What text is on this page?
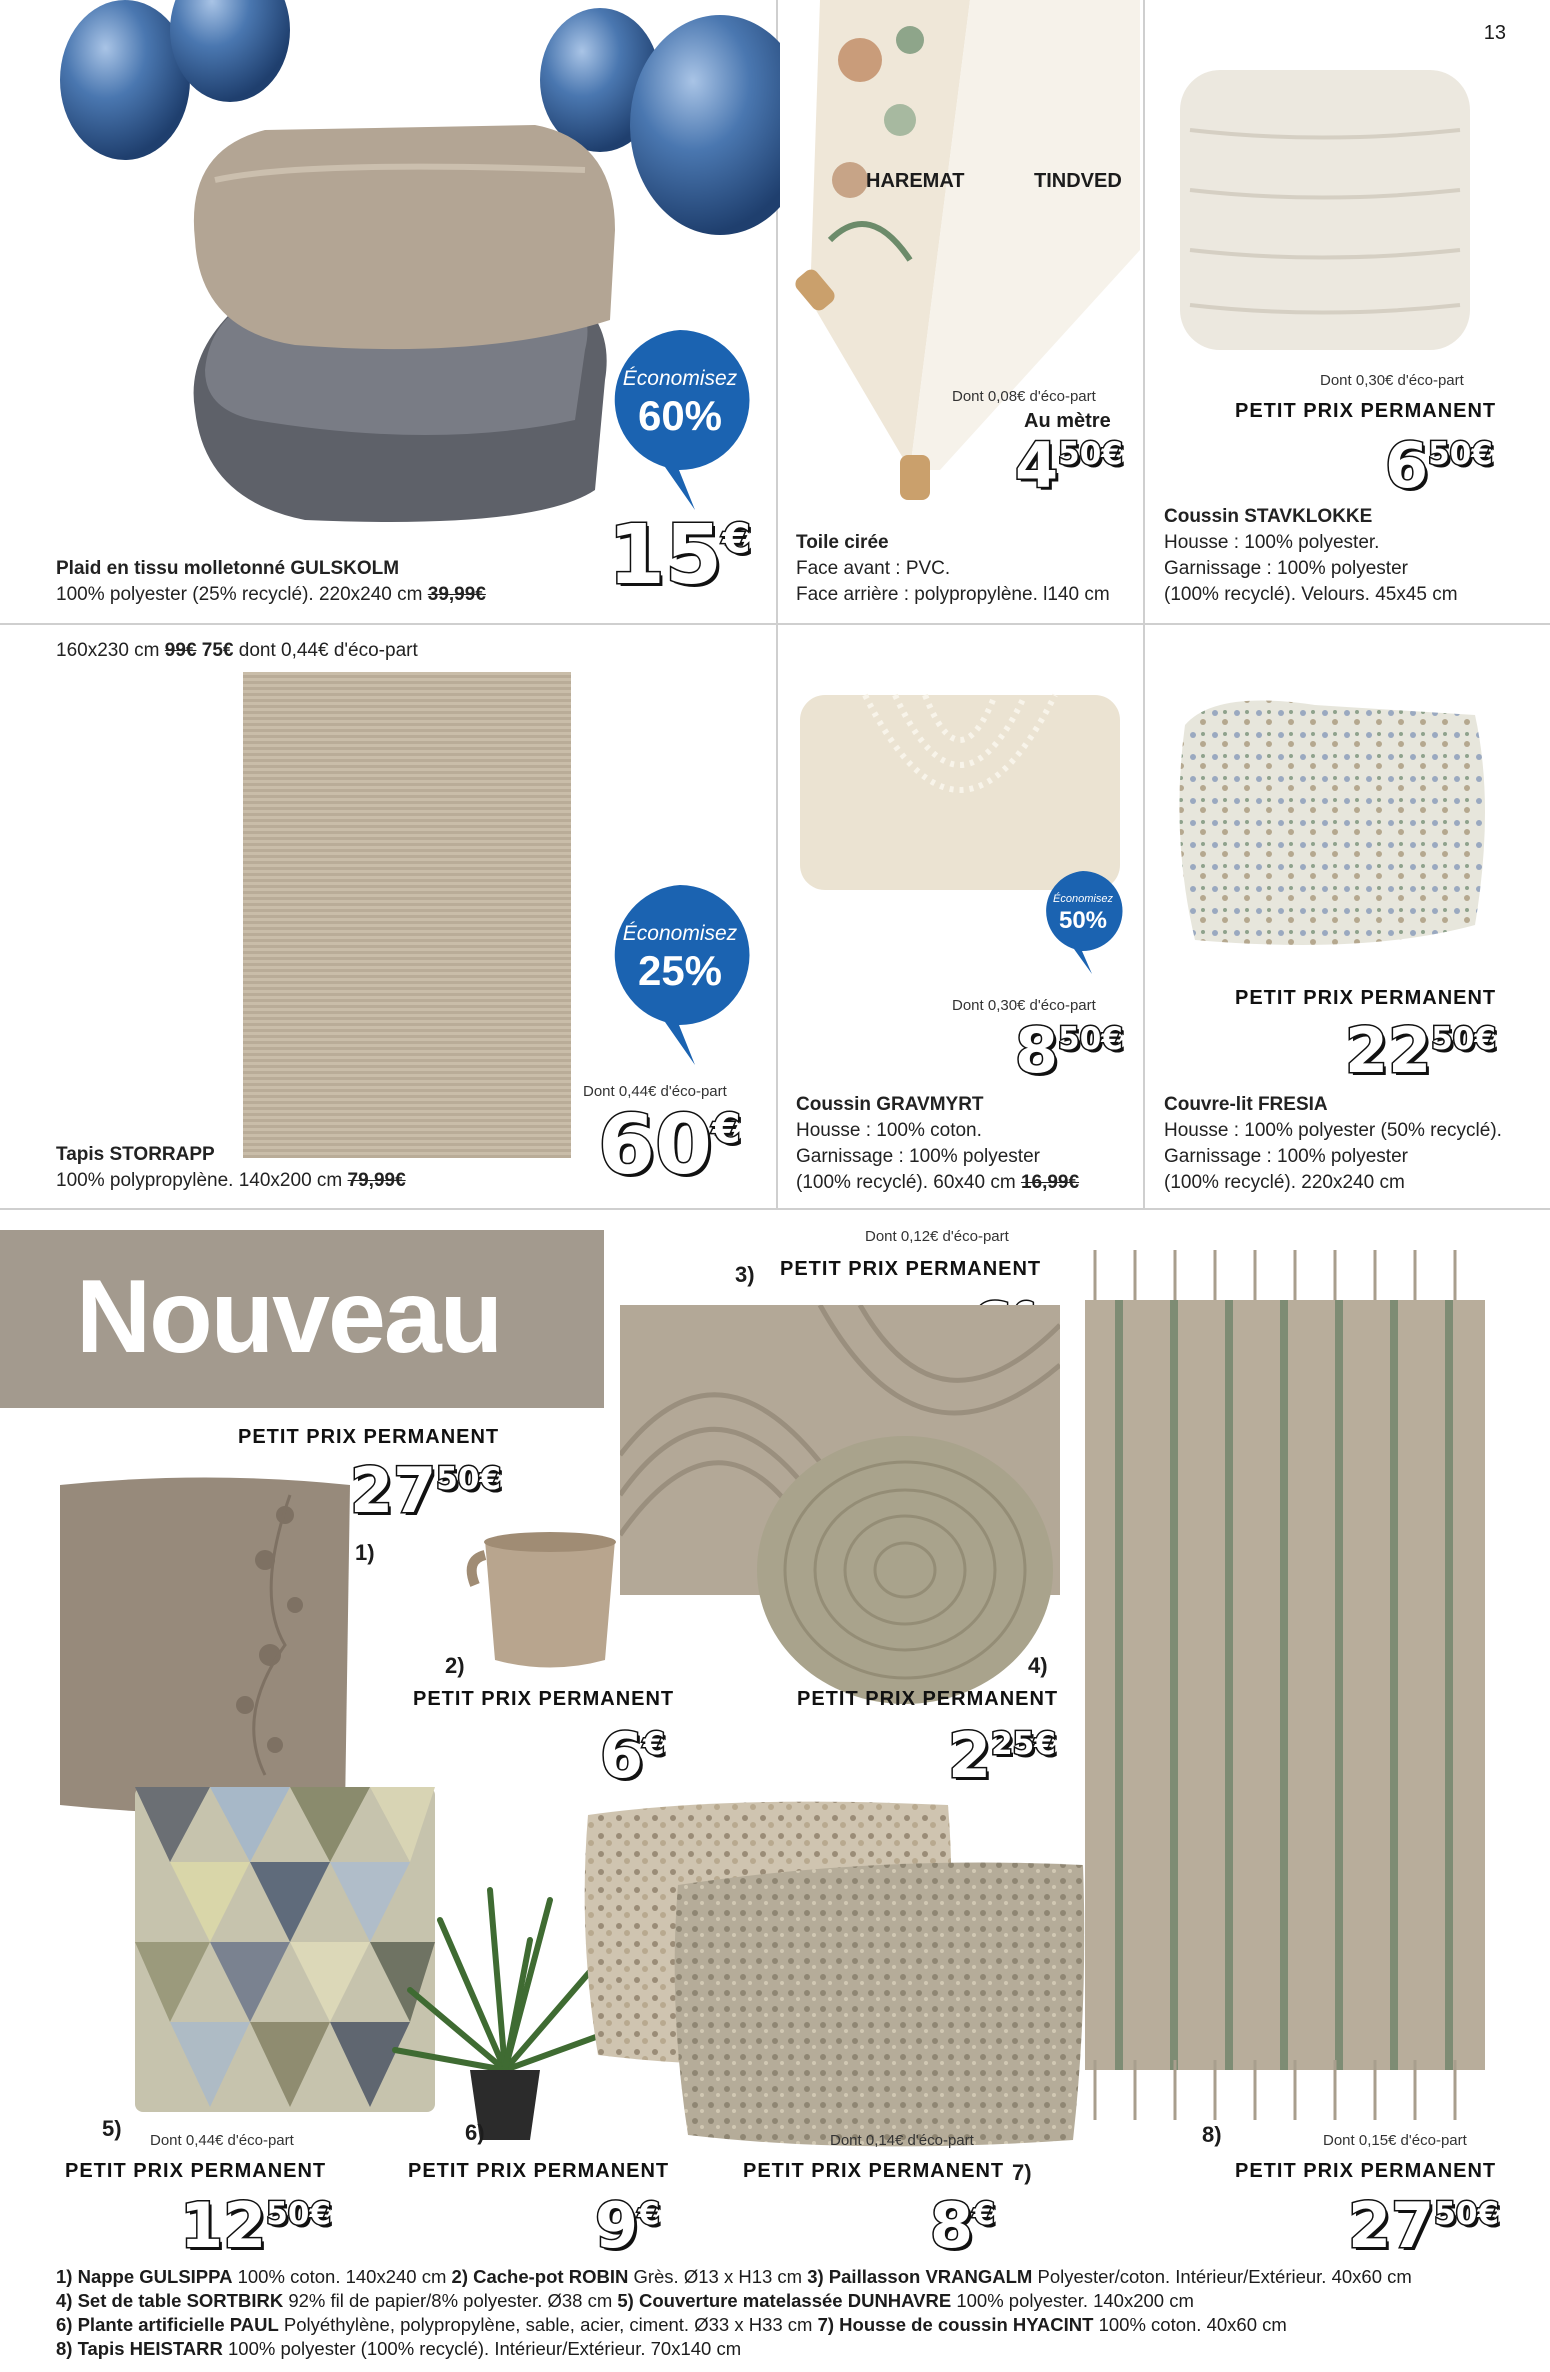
13
Économisez
60%
Plaid en tissu molletonné GULSKOLM
100% polyester (25% recyclé). 220x240 cm 39,99€	15€
HAREMAT	TINDVED
Dont 0,08€ d'éco-part
Au mètre
$4^{50€}$
Toile cirée
Face avant : PVC.
Face arrière : polypropylène. l140 cm
Dont 0,30€ d'éco-part
PETIT PRIX PERMANENT
$6^{50€}$
Coussin STAVKLOKKE
Housse : 100% polyester.
Garnissage : 100% polyester
(100% recyclé). Velours. 45x45 cm
160x230 cm 99€ 75€ dont 0,44€ d'éco-part
Économisez
25%
Dont 0,44€ d'éco-part
60€
Tapis STORRAPP
100% polypropylène. 140x200 cm 79,99€
Économisez
50%
Dont 0,30€ d'éco-part
$8^{50€}$
Coussin GRAVMYRT
Housse : 100% coton.
Garnissage : 100% polyester
(100% recyclé). 60x40 cm 16,99€
PETIT PRIX PERMANENT
$22^{50€}$
Couvre-lit FRESIA
Housse : 100% polyester (50% recyclé).
Garnissage : 100% polyester
(100% recyclé). 220x240 cm
Nouveau
PETIT PRIX PERMANENT
$27^{50€}$
1)
2)
PETIT PRIX PERMANENT
6€
Dont 0,12€ d'éco-part
3) PETIT PRIX PERMANENT
4)
PETIT PRIX PERMANENT
$2^{25€}$
5) Dont 0,44€ d'éco-part
PETIT PRIX PERMANENT
$12^{50€}$
6)
PETIT PRIX PERMANENT
9€
Dont 0,14€ d'éco-part
PETIT PRIX PERMANENT 7)
8€
8)	Dont 0,15€ d'éco-part
PETIT PRIX PERMANENT
$27^{50€}$
1) Nappe GULSIPPA 100% coton. 140x240 cm 2) Cache-pot ROBIN Grès. Ø13 x H13 cm 3) Paillasson VRANGALM Polyester/coton. Intérieur/Extérieur. 40x60 cm
4) Set de table SORTBIRK 92% fil de papier/8% polyester. Ø38 cm 5) Couverture matelassée DUNHAVRE 100% polyester. 140x200 cm
6) Plante artificielle PAUL Polyéthylène, polypropylène, sable, acier, ciment. Ø33 x H33 cm 7) Housse de coussin HYACINT 100% coton. 40x60 cm
8) Tapis HEISTARR 100% polyester (100% recyclé). Intérieur/Extérieur. 70x140 cm
